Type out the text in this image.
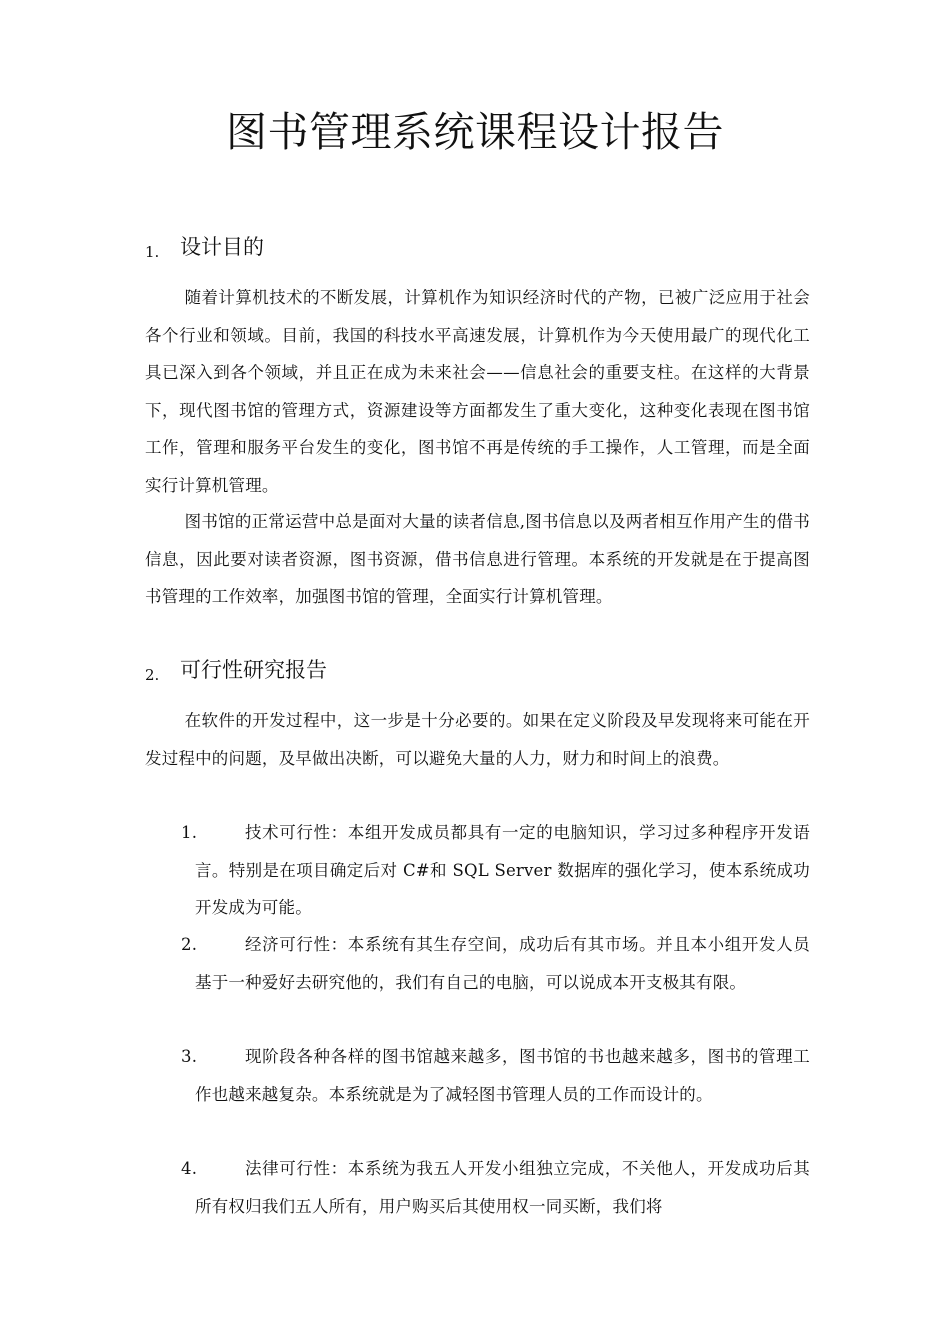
图书管理系统课程设计报告
1. 设计目的

随着计算机技术的不断发展，计算机作为知识经济时代的产物，已被广泛应用于社会各个行业和领域。目前，我国的科技水平高速发展，计算机作为今天使用最广的现代化工具已深入到各个领域，并且正在成为未来社会——信息社会的重要支柱。在这样的大背景下，现代图书馆的管理方式，资源建设等方面都发生了重大变化，这种变化表现在图书馆工作，管理和服务平台发生的变化，图书馆不再是传统的手工操作，人工管理，而是全面实行计算机管理。

图书馆的正常运营中总是面对大量的读者信息,图书信息以及两者相互作用产生的借书信息，因此要对读者资源，图书资源，借书信息进行管理。本系统的开发就是在于提高图书管理的工作效率，加强图书馆的管理，全面实行计算机管理。

2. 可行性研究报告

在软件的开发过程中，这一步是十分必要的。如果在定义阶段及早发现将来可能在开发过程中的问题，及早做出决断，可以避免大量的人力，财力和时间上的浪费。

1.	技术可行性：本组开发成员都具有一定的电脑知识，学习过多种程序开发语言。特别是在项目确定后对 C#和 SQL Server 数据库的强化学习，使本系统成功开发成为可能。
2.	经济可行性：本系统有其生存空间，成功后有其市场。并且本小组开发人员基于一种爱好去研究他的，我们有自己的电脑，可以说成本开支极其有限。
3.	现阶段各种各样的图书馆越来越多，图书馆的书也越来越多，图书的管理工作也越来越复杂。本系统就是为了减轻图书管理人员的工作而设计的。
4.	法律可行性：本系统为我五人开发小组独立完成，不关他人，开发成功后其所有权归我们五人所有，用户购买后其使用权一同买断，我们将
